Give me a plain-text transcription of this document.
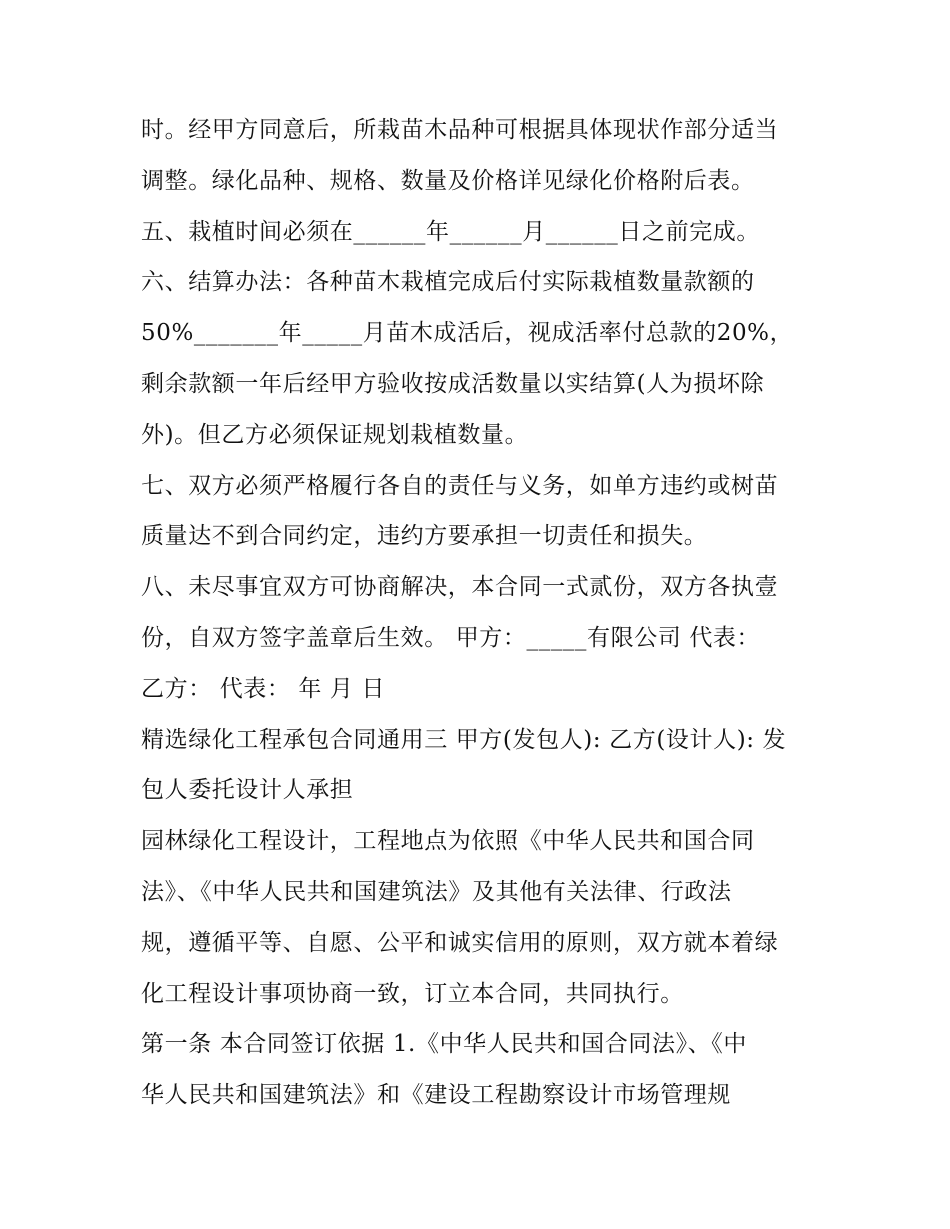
时。经甲方同意后，所栽苗木品种可根据具体现状作部分适当
调整。绿化品种、规格、数量及价格详见绿化价格附后表。
五、栽植时间必须在______年______月______日之前完成。
六、结算办法：各种苗木栽植完成后付实际栽植数量款额的
50%_______年_____月苗木成活后，视成活率付总款的20%，
剩余款额一年后经甲方验收按成活数量以实结算(人为损坏除
外)。但乙方必须保证规划栽植数量。
七、双方必须严格履行各自的责任与义务，如单方违约或树苗
质量达不到合同约定，违约方要承担一切责任和损失。
八、未尽事宜双方可协商解决，本合同一式贰份，双方各执壹
份，自双方签字盖章后生效。 甲方：_____有限公司 代表：
乙方： 代表： 年 月 日
精选绿化工程承包合同通用三 甲方(发包人): 乙方(设计人): 发
包人委托设计人承担
园林绿化工程设计，工程地点为依照《中华人民共和国合同
法》、《中华人民共和国建筑法》及其他有关法律、行政法
规，遵循平等、自愿、公平和诚实信用的原则，双方就本着绿
化工程设计事项协商一致，订立本合同，共同执行。
第一条 本合同签订依据 1.《中华人民共和国合同法》、《中
华人民共和国建筑法》和《建设工程勘察设计市场管理规
